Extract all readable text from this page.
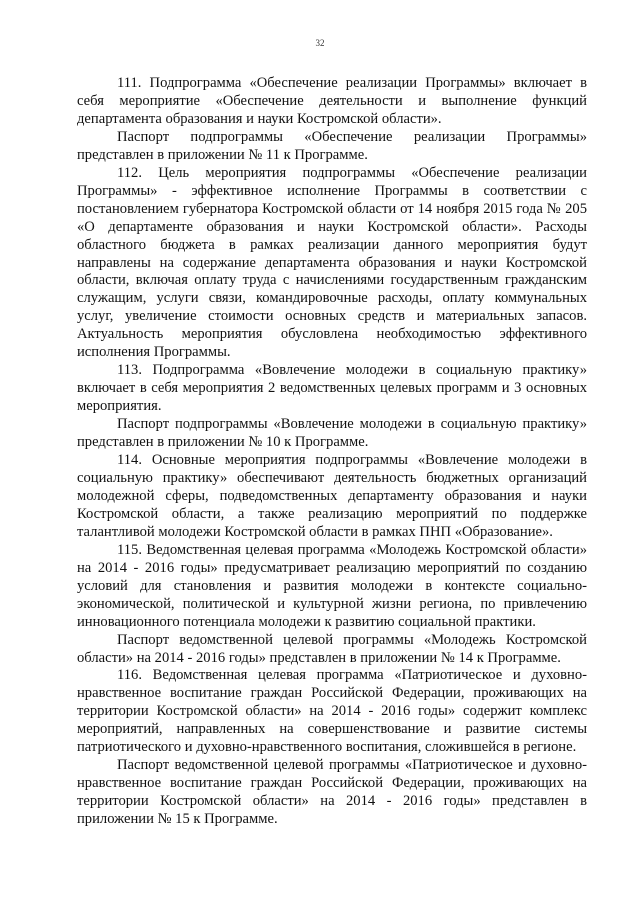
32

111. Подпрограмма «Обеспечение реализации Программы» включает в себя мероприятие «Обеспечение деятельности и выполнение функций департамента образования и науки Костромской области».

Паспорт подпрограммы «Обеспечение реализации Программы» представлен в приложении № 11 к Программе.

112. Цель мероприятия подпрограммы «Обеспечение реализации Программы» - эффективное исполнение Программы в соответствии с постановлением губернатора Костромской области от 14 ноября 2015 года № 205 «О департаменте образования и науки Костромской области». Расходы областного бюджета в рамках реализации данного мероприятия будут направлены на содержание департамента образования и науки Костромской области, включая оплату труда с начислениями государственным гражданским служащим, услуги связи, командировочные расходы, оплату коммунальных услуг, увеличение стоимости основных средств и материальных запасов. Актуальность мероприятия обусловлена необходимостью эффективного исполнения Программы.

113. Подпрограмма «Вовлечение молодежи в социальную практику» включает в себя мероприятия 2 ведомственных целевых программ и 3 основных мероприятия.

Паспорт подпрограммы «Вовлечение молодежи в социальную практику» представлен в приложении № 10 к Программе.

114. Основные мероприятия подпрограммы «Вовлечение молодежи в социальную практику» обеспечивают деятельность бюджетных организаций молодежной сферы, подведомственных департаменту образования и науки Костромской области, а также реализацию мероприятий по поддержке талантливой молодежи Костромской области в рамках ПНП «Образование».

115. Ведомственная целевая программа «Молодежь Костромской области» на 2014 - 2016 годы» предусматривает реализацию мероприятий по созданию условий для становления и развития молодежи в контексте социально-экономической, политической и культурной жизни региона, по привлечению инновационного потенциала молодежи к развитию социальной практики.

Паспорт ведомственной целевой программы «Молодежь Костромской области» на 2014 - 2016 годы» представлен в приложении № 14 к Программе.

116. Ведомственная целевая программа «Патриотическое и духовно-нравственное воспитание граждан Российской Федерации, проживающих на территории Костромской области» на 2014 - 2016 годы» содержит комплекс мероприятий, направленных на совершенствование и развитие системы патриотического и духовно-нравственного воспитания, сложившейся в регионе.

Паспорт ведомственной целевой программы «Патриотическое и духовно-нравственное воспитание граждан Российской Федерации, проживающих на территории Костромской области» на 2014 - 2016 годы» представлен в приложении № 15 к Программе.
